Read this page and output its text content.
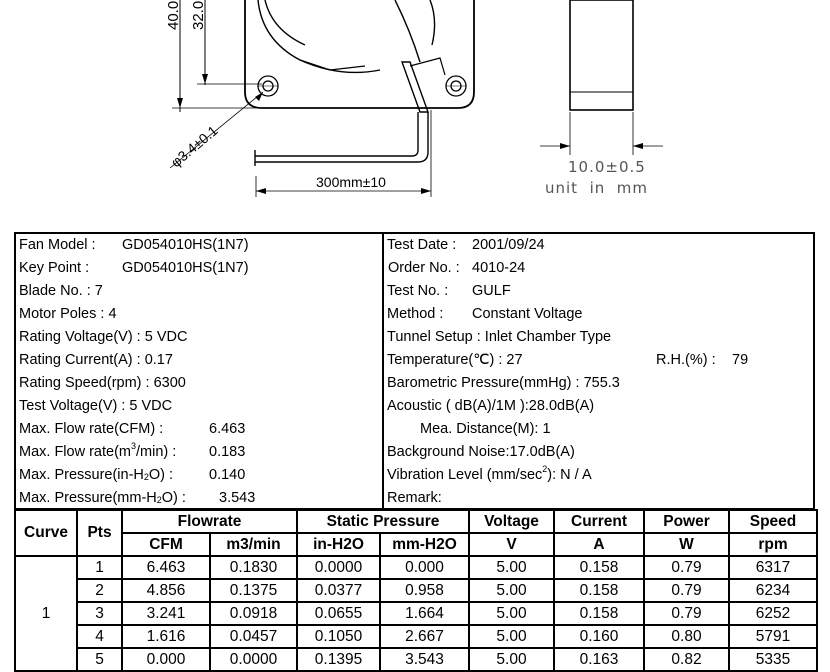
40.0 32.0
300mm±10
φ3.4±0.1	10.0±0.5
unit  in  mm
Fan Model : GD054010HS(1N7)
Key Point : GD054010HS(1N7)
Blade No. : 7
Motor Poles : 4
Rating Voltage(V) : 5 VDC
Rating Current(A) : 0.17
Rating Speed(rpm) : 6300
Test Voltage(V) : 5 VDC
Max. Flow rate(CFM) :	6.463
Max. Flow $rate(m^3/\min)$ : 0.183
Max. $Pressure(in-H_2O)$ : 0.140
Max. $Pressure(mm-H_2O)$ : 3.543
Test Date : 2001/09/24
Order No. : 4010-24
Test No. : GULF
Method : Constant Voltage
Tunnel Setup : Inlet Chamber Type
Temperature(℃) : 27	R.H.(%) : 79
Barometric Pressure(mmHg) : 755.3
Acoustic ( dB(A)/1M ):28.0dB(A)
Mea. Distance(M): 1
Background Noise:17.0dB(A)
Vibration Level $(mm/\sec^2)$: N / A
Remark:
Curve	Pts	Flowrate		Static Pressure		Voltage	Current	Power	Speed
		CFM	m3/min	in-H2O	mm-H2O	V	A	W	rpm
1	1	6.463	0.1830	0.0000	0.000	5.00	0.158	0.79	6317
	2	4.856	0.1375	0.0377	0.958	5.00	0.158	0.79	6234
	3	3.241	0.0918	0.0655	1.664	5.00	0.158	0.79	6252
	4	1.616	0.0457	0.1050	2.667	5.00	0.160	0.80	5791
	5	0.000	0.0000	0.1395	3.543	5.00	0.163	0.82	5335
